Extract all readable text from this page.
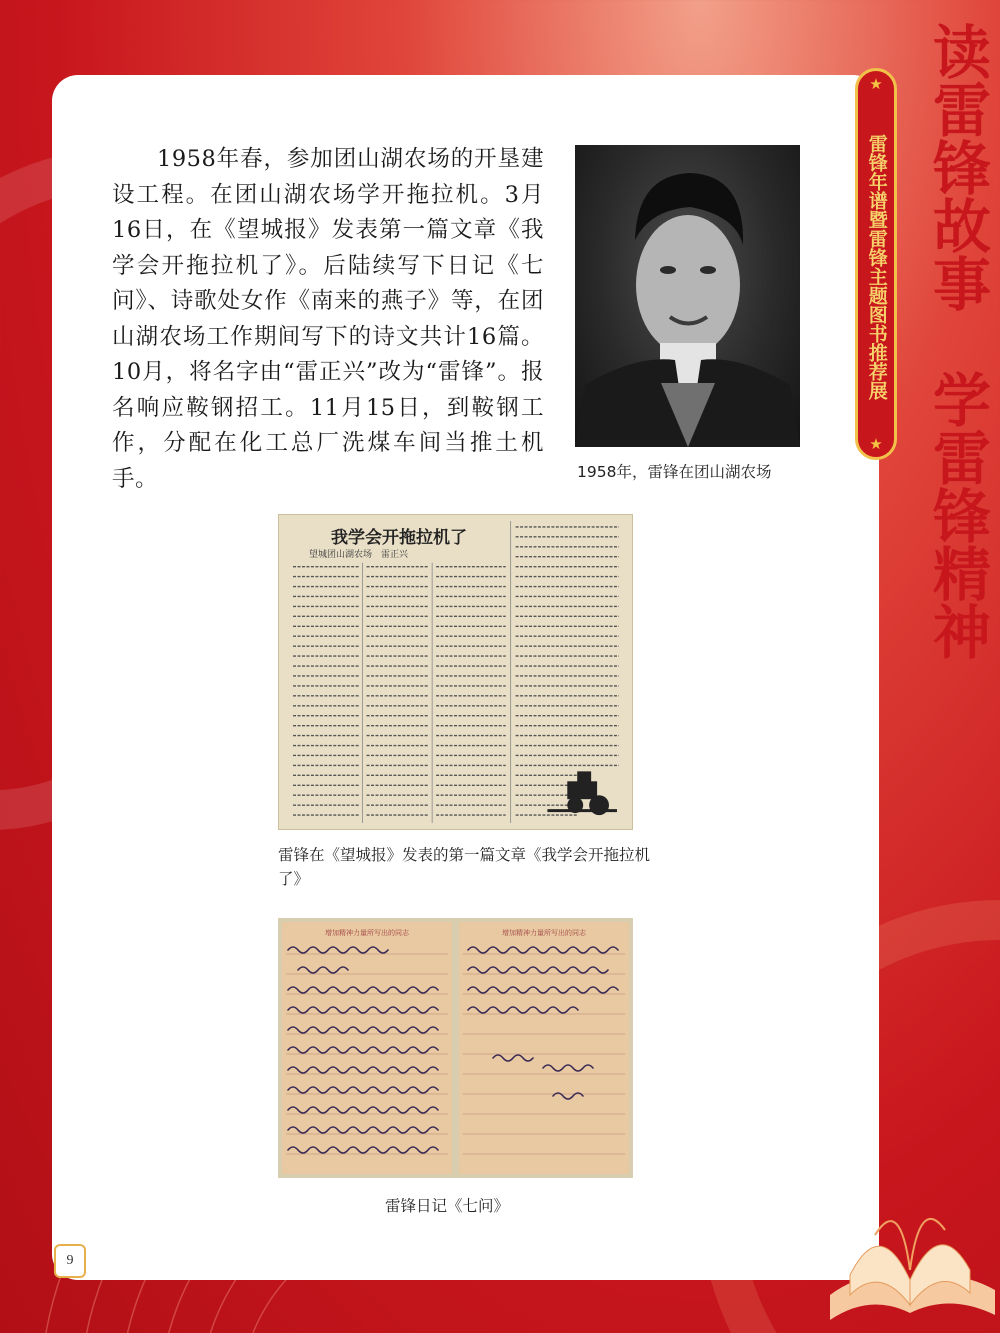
1958年春，参加团山湖农场的开垦建设工程。在团山湖农场学开拖拉机。3月16日，在《望城报》发表第一篇文章《我学会开拖拉机了》。后陆续写下日记《七问》、诗歌处女作《南来的燕子》等，在团山湖农场工作期间写下的诗文共计16篇。10月，将名字由“雷正兴”改为“雷锋”。报名响应鞍钢招工。11月15日，到鞍钢工作，分配在化工总厂洗煤车间当推土机手。	1958年，雷锋在团山湖农场
我学会开拖拉机了
望城团山湖农场　雷正兴
雷锋在《望城报》发表的第一篇文章《我学会开拖拉机了》
增加精神力量所写出的同志	增加精神力量所写出的同志
雷锋日记《七问》
★
雷锋年谱暨雷锋主题图书推荐展
★ 读雷锋故事　学雷锋精神
9
